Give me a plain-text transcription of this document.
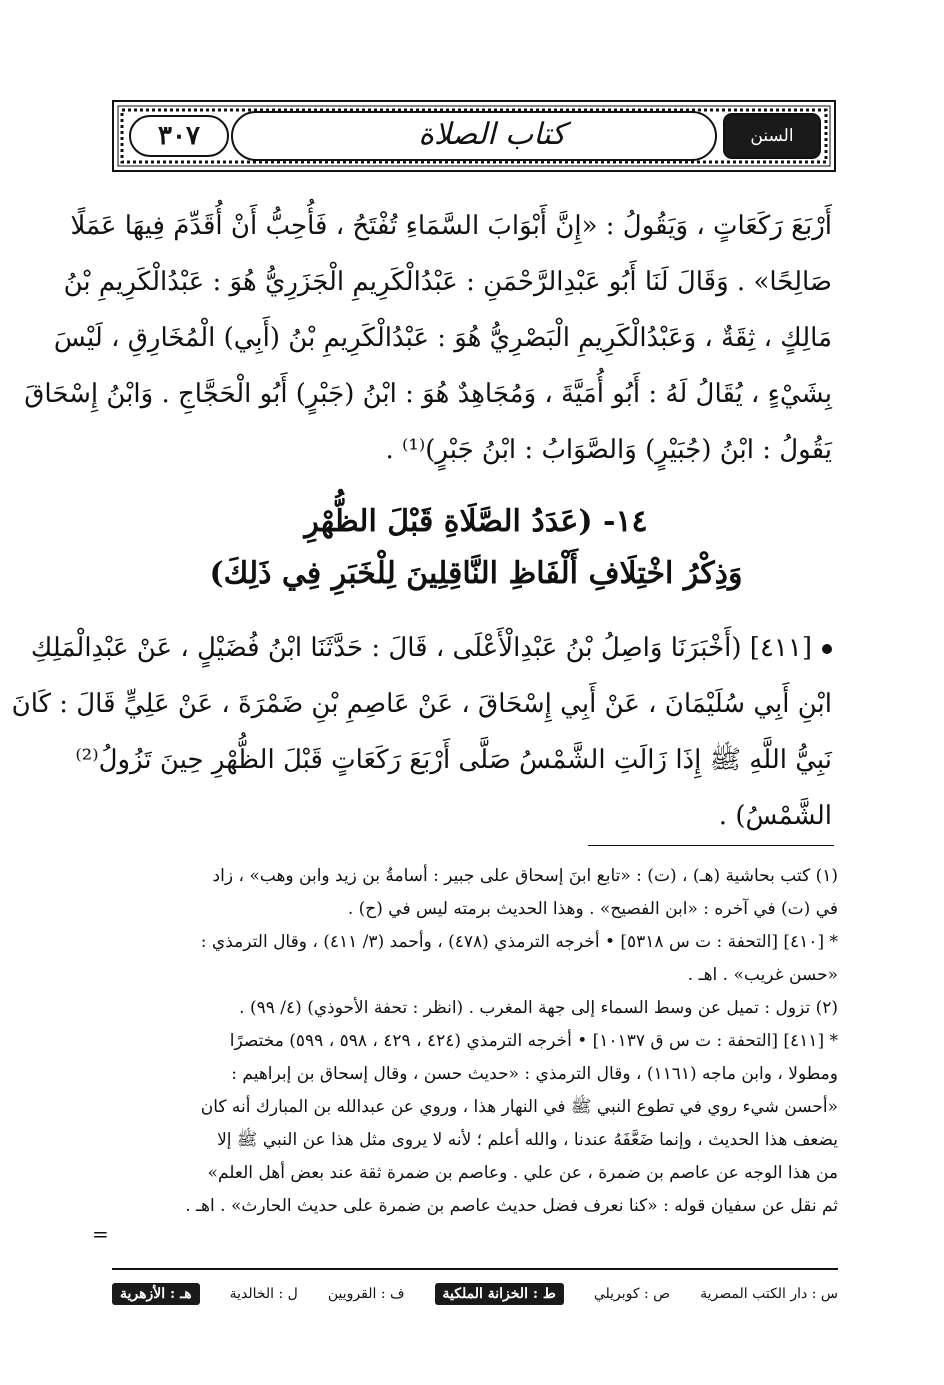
٣٠٧	كتاب الصلاة	السنن الكبرى
أَرْبَعَ رَكَعَاتٍ ، وَيَقُولُ : «إِنَّ أَبْوَابَ السَّمَاءِ تُفْتَحُ ، فَأُحِبُّ أَنْ أُقَدِّمَ فِيهَا عَمَلًا
صَالِحًا» . وَقَالَ لَنَا أَبُو عَبْدِالرَّحْمَنِ : عَبْدُالْكَرِيمِ الْجَزَرِيُّ هُوَ : عَبْدُالْكَرِيمِ بْنُ
مَالِكٍ ، ثِقَةٌ ، وَعَبْدُالْكَرِيمِ الْبَصْرِيُّ هُوَ : عَبْدُالْكَرِيمِ بْنُ (أَبِي) الْمُخَارِقِ ، لَيْسَ
بِشَيْءٍ ، يُقَالُ لَهُ : أَبُو أُمَيَّةَ ، وَمُجَاهِدٌ هُوَ : ابْنُ (جَبْرٍ) أَبُو الْحَجَّاجِ . وَابْنُ إِسْحَاقَ
يَقُولُ : ابْنُ (جُبَيْرٍ) وَالصَّوَابُ : ابْنُ جَبْرٍ)⁽¹⁾ .
١٤- (عَدَدُ الصَّلَاةِ قَبْلَ الظُّهْرِ
وَذِكْرُ اخْتِلَافِ أَلْفَاظِ النَّاقِلِينَ لِلْخَبَرِ فِي ذَلِكَ)
[٤١١] (أَخْبَرَنَا وَاصِلُ بْنُ عَبْدِالْأَعْلَى ، قَالَ : حَدَّثَنَا ابْنُ فُضَيْلٍ ، عَنْ عَبْدِالْمَلِكِ
ابْنِ أَبِي سُلَيْمَانَ ، عَنْ أَبِي إِسْحَاقَ ، عَنْ عَاصِمِ بْنِ ضَمْرَةَ ، عَنْ عَلِيٍّ قَالَ : كَانَ
نَبِيُّ اللَّهِ ﷺ إِذَا زَالَتِ الشَّمْسُ صَلَّى أَرْبَعَ رَكَعَاتٍ قَبْلَ الظُّهْرِ حِينَ تَزُولُ⁽²⁾
الشَّمْسُ) .
(١) كتب بحاشية (هـ) ، (ت) : «تابع ابنَ إسحاق على جبير : أسامةُ بن زيد وابن وهب» ، زاد
في (ت) في آخره : «ابن الفصيح» . وهذا الحديث برمته ليس في (ح) .
* [٤١٠] [التحفة : ت س ٥٣١٨] • أخرجه الترمذي (٤٧٨) ، وأحمد (٣/ ٤١١) ، وقال الترمذي :
«حسن غريب» . اهـ .
(٢) تزول : تميل عن وسط السماء إلى جهة المغرب . (انظر : تحفة الأحوذي) (٤/ ٩٩) .
* [٤١١] [التحفة : ت س ق ١٠١٣٧] • أخرجه الترمذي (٤٢٤ ، ٤٢٩ ، ٥٩٨ ، ٥٩٩) مختصرًا
ومطولا ، وابن ماجه (١١٦١) ، وقال الترمذي : «حديث حسن ، وقال إسحاق بن إبراهيم :
«أحسن شيء روي في تطوع النبي ﷺ في النهار هذا ، وروي عن عبدالله بن المبارك أنه كان
يضعف هذا الحديث ، وإنما ضَعَّفَهُ عندنا ، والله أعلم ؛ لأنه لا يروى مثل هذا عن النبي ﷺ إلا
من هذا الوجه عن عاصم بن ضمرة ، عن علي . وعاصم بن ضمرة ثقة عند بعض أهل العلم»
ثم نقل عن سفيان قوله : «كنا نعرف فضل حديث عاصم بن ضمرة على حديث الحارث» . اهـ .
=
س : دار الكتب المصرية
ص : كوبريلي
ط : الخزانة الملكية
ف : القرويين
ل : الخالدية
هـ : الأزهرية
